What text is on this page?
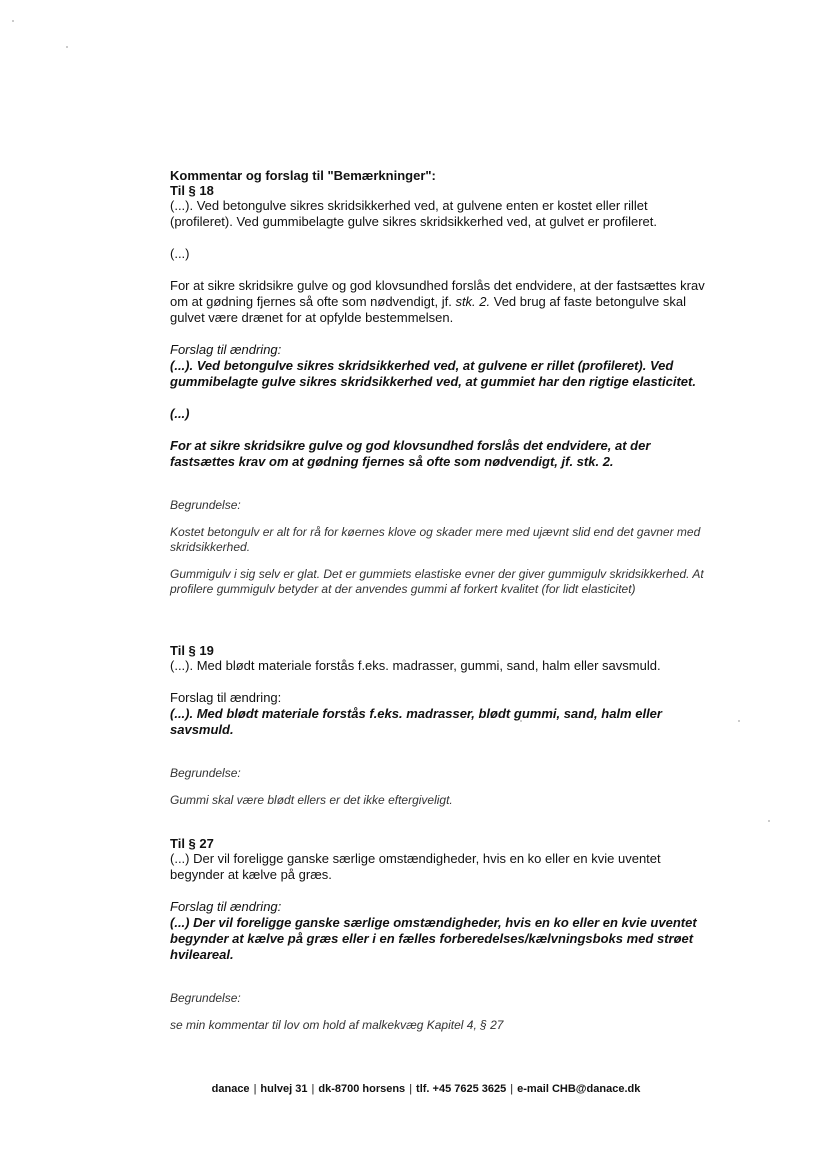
Kommentar og forslag til "Bemærkninger":

Til § 18

(...). Ved betongulve sikres skridsikkerhed ved, at gulvene enten er kostet eller rillet (profileret). Ved gummibelagte gulve sikres skridsikkerhed ved, at gulvet er profileret.

(...)

For at sikre skridsikre gulve og god klovsundhed forslås det endvidere, at der fastsættes krav om at gødning fjernes så ofte som nødvendigt, jf. stk. 2. Ved brug af faste betongulve skal gulvet være drænet for at opfylde bestemmelsen.

Forslag til ændring:

(...). Ved betongulve sikres skridsikkerhed ved, at gulvene er rillet (profileret). Ved gummibelagte gulve sikres skridsikkerhed ved, at gummiet har den rigtige elasticitet.

(...)

For at sikre skridsikre gulve og god klovsundhed forslås det endvidere, at der fastsættes krav om at gødning fjernes så ofte som nødvendigt, jf. stk. 2.

Begrundelse:

Kostet betongulv er alt for rå for køernes klove og skader mere med ujævnt slid end det gavner med skridsikkerhed.

Gummigulv i sig selv er glat. Det er gummiets elastiske evner der giver gummigulv skridsikkerhed. At profilere gummigulv betyder at der anvendes gummi af forkert kvalitet (for lidt elasticitet)

Til § 19

(...). Med blødt materiale forstås f.eks. madrasser, gummi, sand, halm eller savsmuld.

Forslag til ændring:

(...). Med blødt materiale forstås f.eks. madrasser, blødt gummi, sand, halm eller savsmuld.

Begrundelse:

Gummi skal være blødt ellers er det ikke eftergiveligt.

Til § 27

(...) Der vil foreligge ganske særlige omstændigheder, hvis en ko eller en kvie uventet begynder at kælve på græs.

Forslag til ændring:

(...) Der vil foreligge ganske særlige omstændigheder, hvis en ko eller en kvie uventet begynder at kælve på græs eller i en fælles forberedelses/kælvningsboks med strøet hvileareal.

Begrundelse:

se min kommentar til lov om hold af malkekvæg Kapitel 4, § 27

danace | hulvej 31 | dk-8700 horsens | tlf. +45 7625 3625 | e-mail CHB@danace.dk
